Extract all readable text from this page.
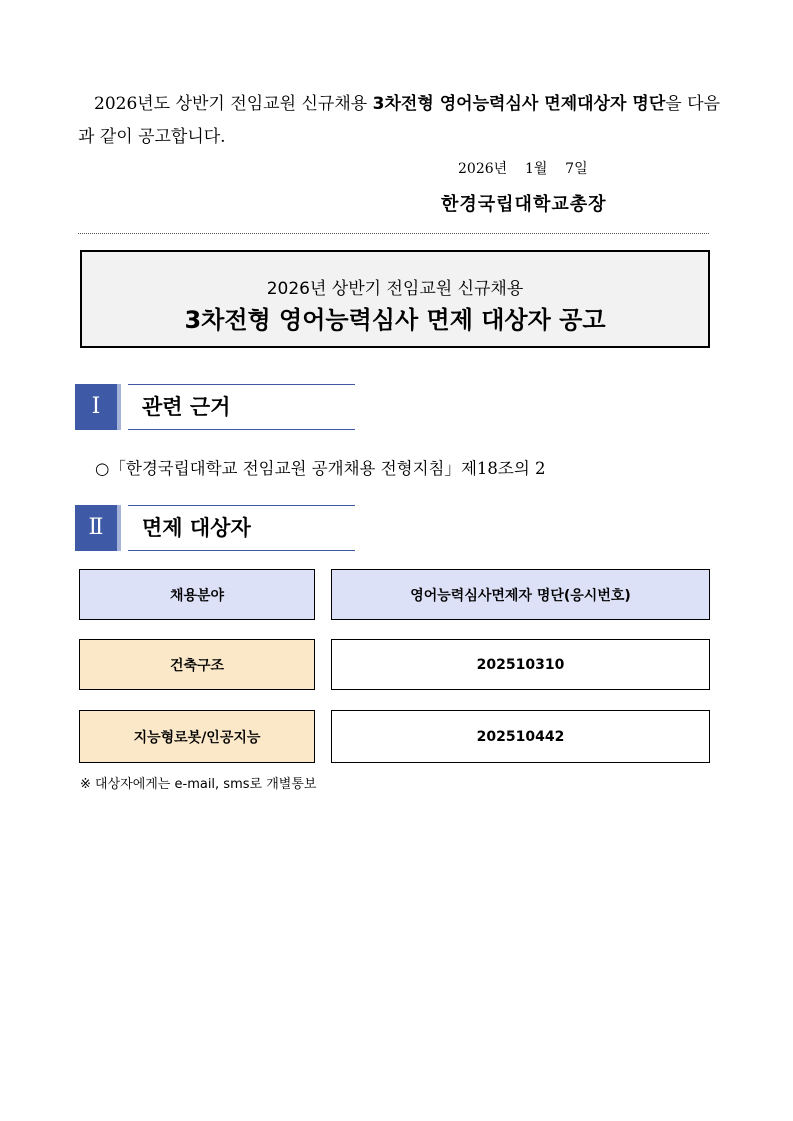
2026년도 상반기 전임교원 신규채용 3차전형 영어능력심사 면제대상자 명단을 다음과 같이 공고합니다.

2026년    1월    7일
한경국립대학교총장
2026년 상반기 전임교원 신규채용
3차전형 영어능력심사 면제 대상자 공고
Ⅰ	관련 근거
○「한경국립대학교 전임교원 공개채용 전형지침」제18조의 2
Ⅱ	면제 대상자
채용분야	영어능력심사면제자 명단(응시번호)
건축구조	202510310
지능형로봇/인공지능	202510442
※ 대상자에게는 e-mail, sms로 개별통보
